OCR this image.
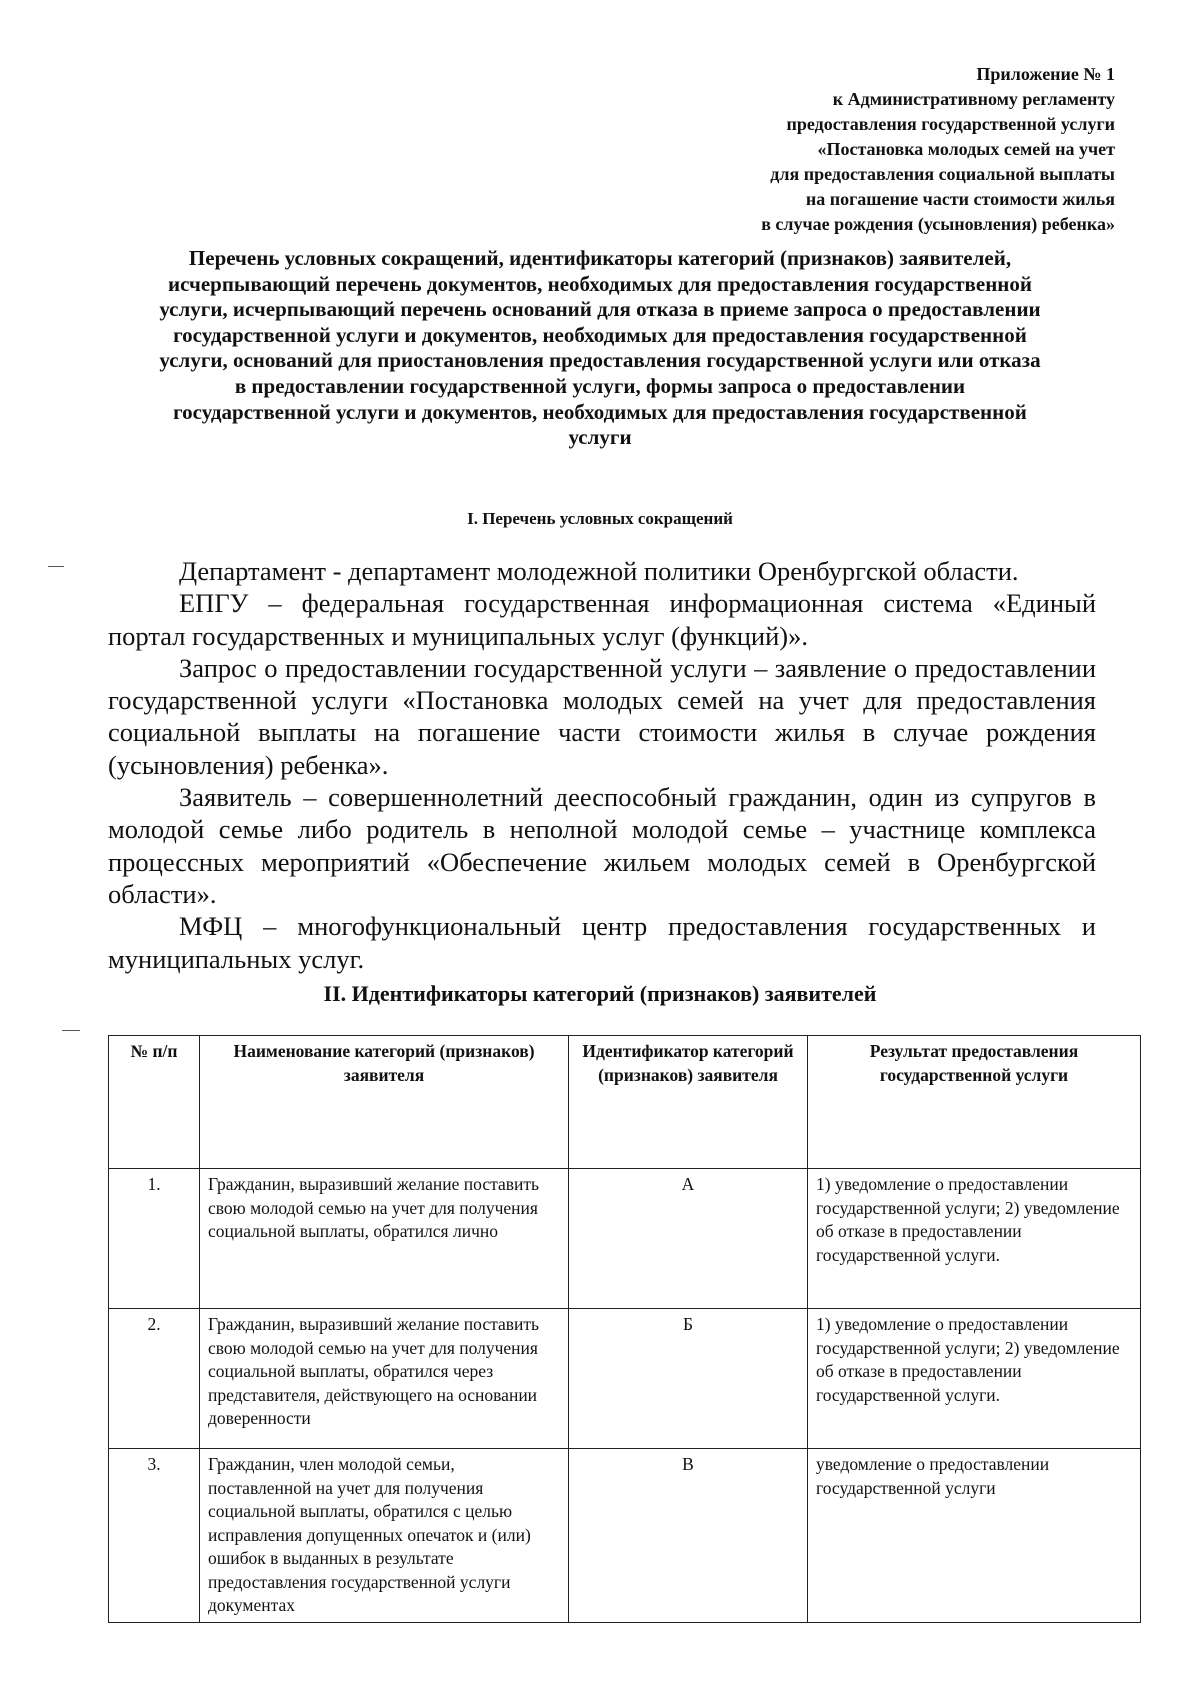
Приложение № 1
к Административному регламенту
предоставления государственной услуги
«Постановка молодых семей на учет
для предоставления социальной выплаты
на погашение части стоимости жилья
в случае рождения (усыновления) ребенка»
Перечень условных сокращений, идентификаторы категорий (признаков) заявителей,
исчерпывающий перечень документов, необходимых для предоставления государственной
услуги, исчерпывающий перечень оснований для отказа в приеме запроса о предоставлении
государственной услуги и документов, необходимых для предоставления государственной
услуги, оснований для приостановления предоставления государственной услуги или отказа
в предоставлении государственной услуги, формы запроса о предоставлении
государственной услуги и документов, необходимых для предоставления государственной
услуги
I. Перечень условных сокращений

Департамент - департамент молодежной политики Оренбургской области.

ЕПГУ – федеральная государственная информационная система «Единый портал государственных и муниципальных услуг (функций)».

Запрос о предоставлении государственной услуги – заявление о предоставлении государственной услуги «Постановка молодых семей на учет для предоставления социальной выплаты на погашение части стоимости жилья в случае рождения (усыновления) ребенка».

Заявитель – совершеннолетний дееспособный гражданин, один из супругов в молодой семье либо родитель в неполной молодой семье – участнице комплекса процессных мероприятий «Обеспечение жильем молодых семей в Оренбургской области».

МФЦ – многофункциональный центр предоставления государственных и муниципальных услуг.

II. Идентификаторы категорий (признаков) заявителей
№ п/п	Наименование категорий (признаков) заявителя	Идентификатор категорий (признаков) заявителя	Результат предоставления государственной услуги
1.	Гражданин, выразивший желание поставить свою молодой семью на учет для получения социальной выплаты, обратился лично	А	1) уведомление о предоставлении государственной услуги; 2) уведомление об отказе в предоставлении государственной услуги.
2.	Гражданин, выразивший желание поставить свою молодой семью на учет для получения социальной выплаты, обратился через представителя, действующего на основании доверенности	Б	1) уведомление о предоставлении государственной услуги; 2) уведомление об отказе в предоставлении государственной услуги.
3.	Гражданин, член молодой семьи, поставленной на учет для получения социальной выплаты, обратился с целью исправления допущенных опечаток и (или) ошибок в выданных в результате предоставления государственной услуги документах	В	уведомление о предоставлении государственной услуги
